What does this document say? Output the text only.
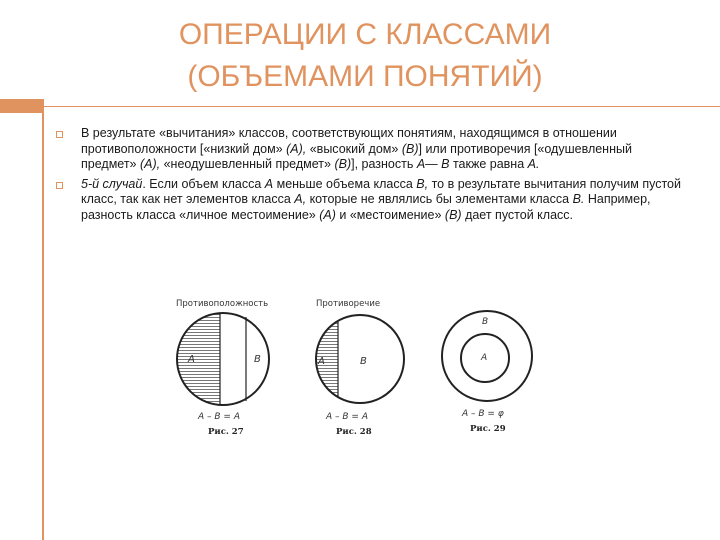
ОПЕРАЦИИ С КЛАССАМИ
(ОБЪЕМАМИ ПОНЯТИЙ)
В результате «вычитания» классов, соответствующих понятиям, находящимся в отношении противоположности [«низкий дом» (А), «высокий дом» (В)] или противоречия [«одушевленный предмет» (А), «неодушевленный предмет» (В)], разность А— В также равна А.
5-й случай. Если объем класса А меньше объема класса В, то в результате вычитания получим пустой класс, так как нет элементов класса А, которые не являлись бы элементами класса В. Например, разность класса «личное местоимение» (А) и «местоимение» (В) дает пустой класс.
Противоположность
А	В
А – В = А
Рис. 27
Противоречие
А	В
А – В = А
Рис. 28
В
А
А – В = φ
Рис. 29
